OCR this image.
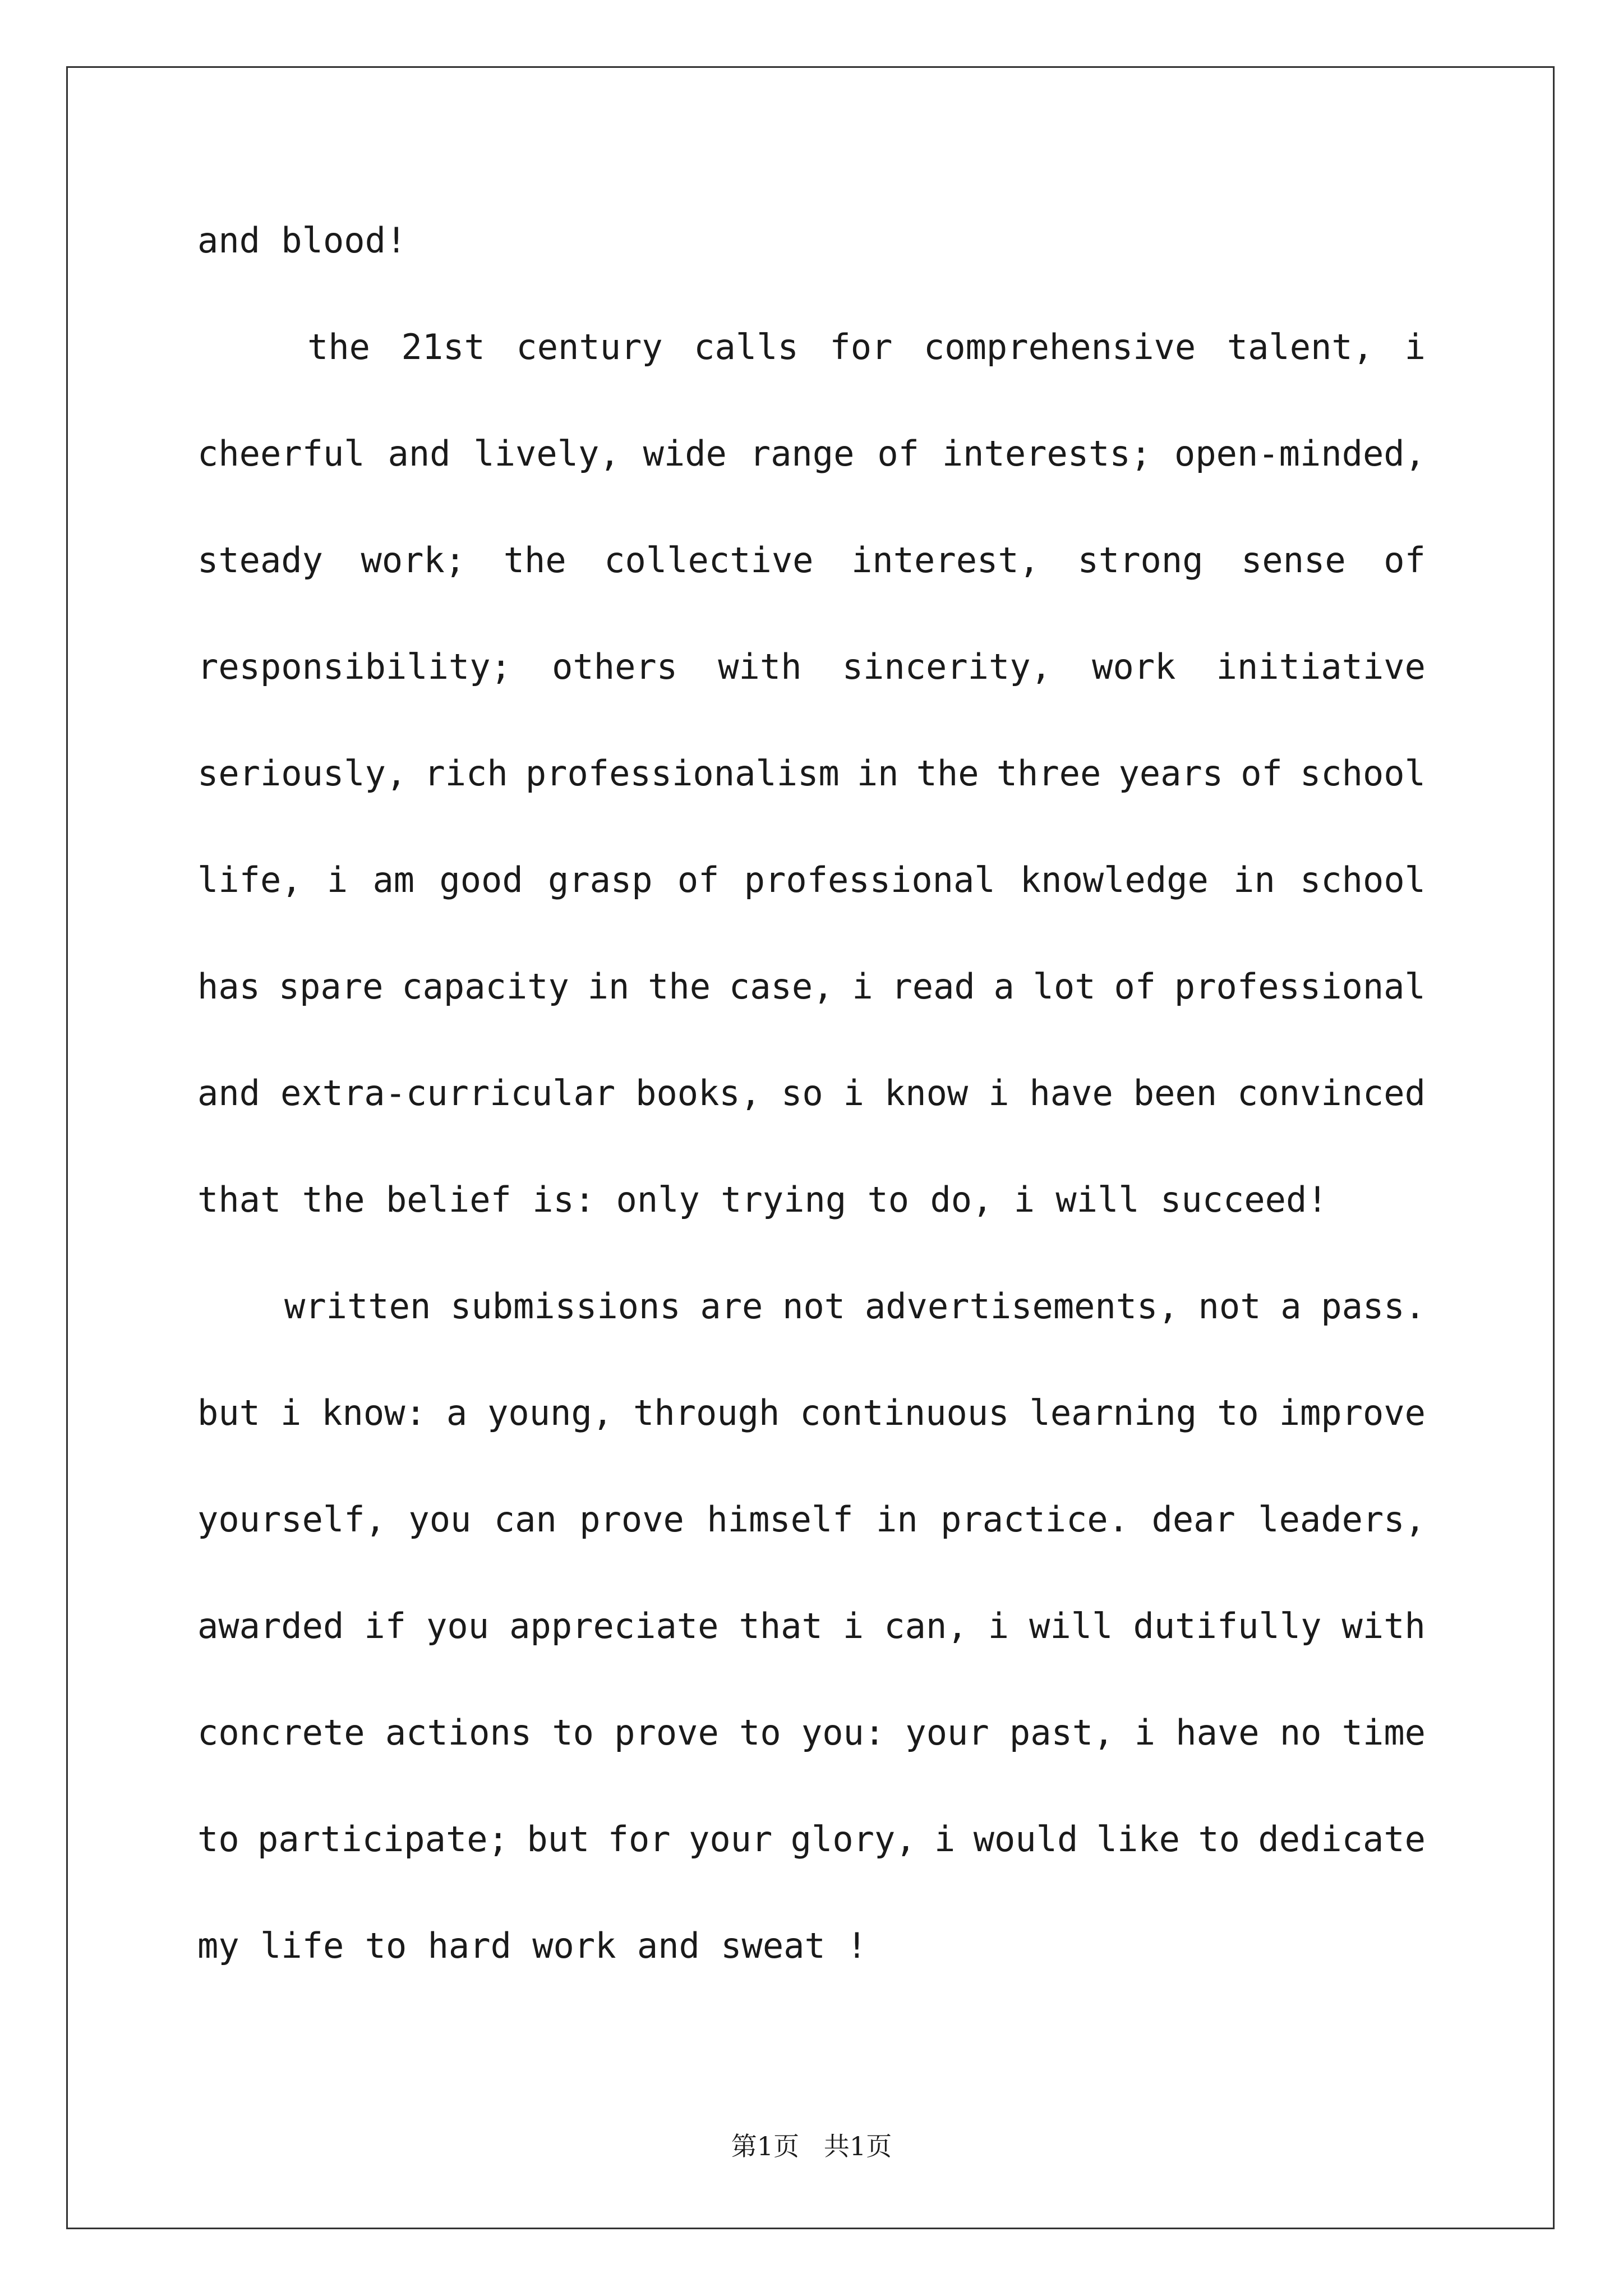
and blood!
the 21st century calls for comprehensive talent, i
cheerful and lively, wide range of interests; open-minded,
steady work; the collective interest, strong sense of
responsibility; others with sincerity, work initiative
seriously, rich professionalism in the three years of school
life, i am good grasp of professional knowledge in school
has spare capacity in the case, i read a lot of professional
and extra-curricular books, so i know i have been convinced
that the belief is: only trying to do, i will succeed!
written submissions are not advertisements, not a pass.
but i know: a young, through continuous learning to improve
yourself, you can prove himself in practice. dear leaders,
awarded if you appreciate that i can, i will dutifully with
concrete actions to prove to you: your past, i have no time
to participate; but for your glory, i would like to dedicate
my life to hard work and sweat !
第1页   共1页
